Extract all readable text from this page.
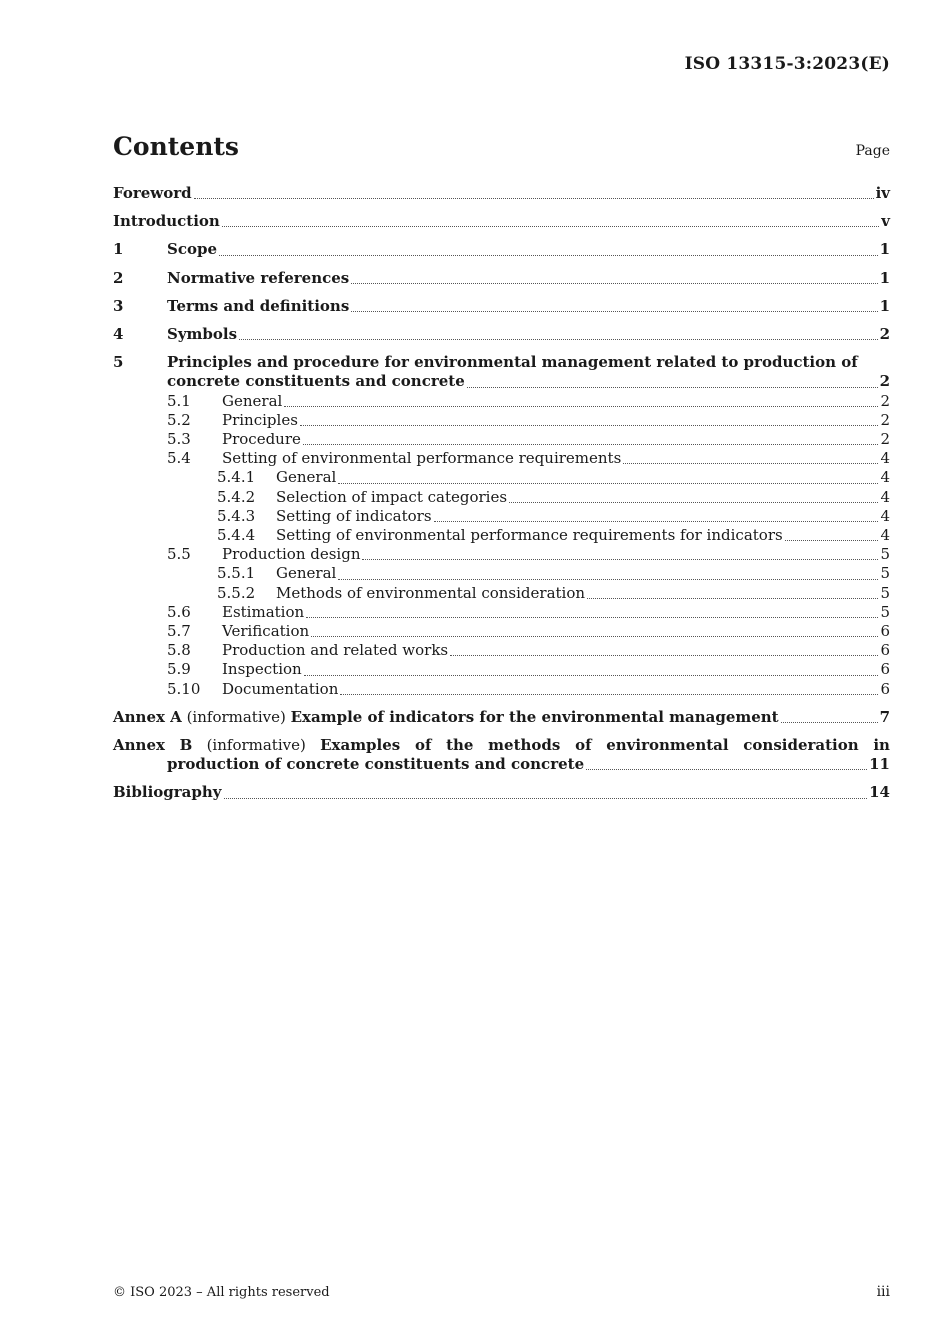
ISO 13315-3:2023(E)
Contents	Page
Foreword	iv
Introduction	v
1	Scope	1
2	Normative references	1
3	Terms and definitions	1
4	Symbols	2
5	Principles and procedure for environmental management related to production of
concrete constituents and concrete	2
5.1	General	2
5.2	Principles	2
5.3	Procedure	2
5.4	Setting of environmental performance requirements	4
5.4.1	General	4
5.4.2	Selection of impact categories	4
5.4.3	Setting of indicators	4
5.4.4	Setting of environmental performance requirements for indicators	4
5.5	Production design	5
5.5.1	General	5
5.5.2	Methods of environmental consideration	5
5.6	Estimation	5
5.7	Verification	6
5.8	Production and related works	6
5.9	Inspection	6
5.10	Documentation	6
Annex A (informative) Example of indicators for the environmental management	7
Annex B (informative) Examples of the methods of environmental consideration in
production of concrete constituents and concrete	11
Bibliography	14
© ISO 2023 – All rights reserved	iii
